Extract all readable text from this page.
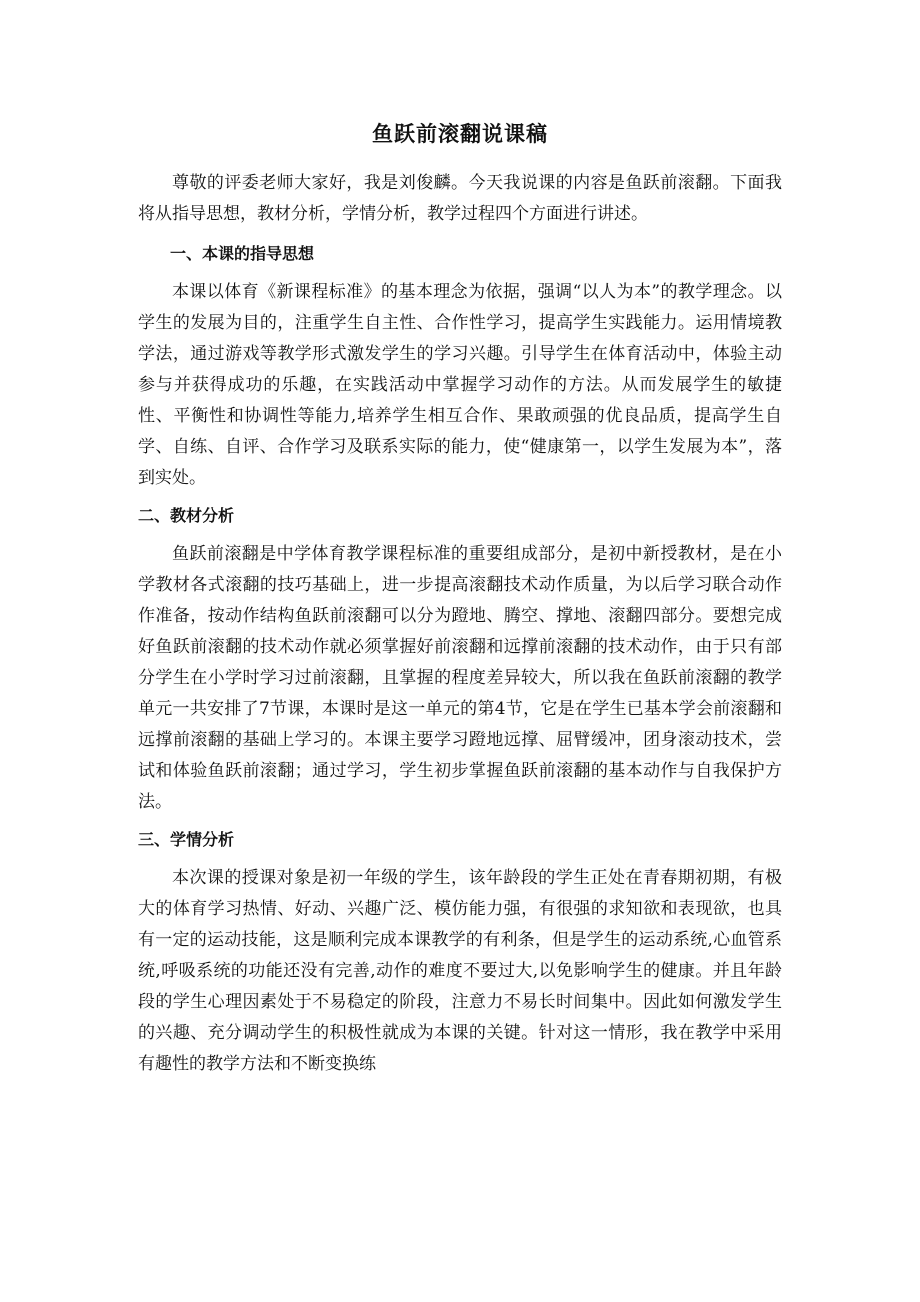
鱼跃前滚翻说课稿

尊敬的评委老师大家好，我是刘俊麟。今天我说课的内容是鱼跃前滚翻。下面我将从指导思想，教材分析，学情分析，教学过程四个方面进行讲述。

一、本课的指导思想

本课以体育《新课程标准》的基本理念为依据，强调“以人为本”的教学理念。以学生的发展为目的，注重学生自主性、合作性学习，提高学生实践能力。运用情境教学法，通过游戏等教学形式激发学生的学习兴趣。引导学生在体育活动中，体验主动参与并获得成功的乐趣，在实践活动中掌握学习动作的方法。从而发展学生的敏捷性、平衡性和协调性等能力,培养学生相互合作、果敢顽强的优良品质，提高学生自学、自练、自评、合作学习及联系实际的能力，使“健康第一，以学生发展为本”，落到实处。

二、教材分析

鱼跃前滚翻是中学体育教学课程标准的重要组成部分，是初中新授教材，是在小学教材各式滚翻的技巧基础上，进一步提高滚翻技术动作质量，为以后学习联合动作作准备，按动作结构鱼跃前滚翻可以分为蹬地、腾空、撑地、滚翻四部分。要想完成好鱼跃前滚翻的技术动作就必须掌握好前滚翻和远撑前滚翻的技术动作，由于只有部分学生在小学时学习过前滚翻，且掌握的程度差异较大，所以我在鱼跃前滚翻的教学单元一共安排了7节课，本课时是这一单元的第4节，它是在学生已基本学会前滚翻和远撑前滚翻的基础上学习的。本课主要学习蹬地远撑、屈臂缓冲，团身滚动技术，尝试和体验鱼跃前滚翻；通过学习，学生初步掌握鱼跃前滚翻的基本动作与自我保护方法。

三、学情分析

本次课的授课对象是初一年级的学生，该年龄段的学生正处在青春期初期，有极大的体育学习热情、好动、兴趣广泛、模仿能力强，有很强的求知欲和表现欲，也具有一定的运动技能，这是顺利完成本课教学的有利条，但是学生的运动系统,心血管系统,呼吸系统的功能还没有完善,动作的难度不要过大,以免影响学生的健康。并且年龄段的学生心理因素处于不易稳定的阶段，注意力不易长时间集中。因此如何激发学生的兴趣、充分调动学生的积极性就成为本课的关键。针对这一情形，我在教学中采用有趣性的教学方法和不断变换练
